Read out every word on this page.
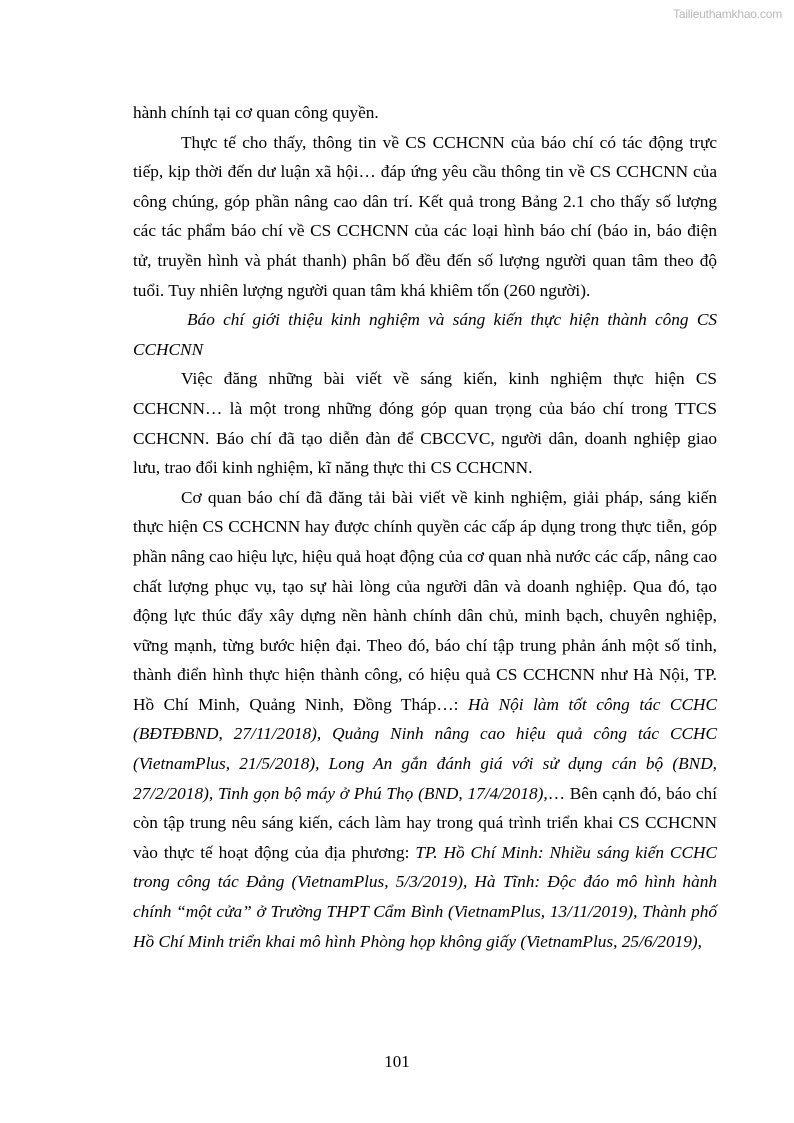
Tailieuthamkhao.com

hành chính tại cơ quan công quyền.

Thực tế cho thấy, thông tin về CS CCHCNN của báo chí có tác động trực tiếp, kịp thời đến dư luận xã hội… đáp ứng yêu cầu thông tin về CS CCHCNN của công chúng, góp phần nâng cao dân trí. Kết quả trong Bảng 2.1 cho thấy số lượng các tác phẩm báo chí về CS CCHCNN của các loại hình báo chí (báo in, báo điện tử, truyền hình và phát thanh) phân bố đều đến số lượng người quan tâm theo độ tuổi. Tuy nhiên lượng người quan tâm khá khiêm tốn (260 người).

Báo chí giới thiệu kinh nghiệm và sáng kiến thực hiện thành công CS CCHCNN

Việc đăng những bài viết về sáng kiến, kinh nghiệm thực hiện CS CCHCNN… là một trong những đóng góp quan trọng của báo chí trong TTCS CCHCNN. Báo chí đã tạo diễn đàn để CBCCVC, người dân, doanh nghiệp giao lưu, trao đổi kinh nghiệm, kĩ năng thực thi CS CCHCNN.

Cơ quan báo chí đã đăng tải bài viết về kinh nghiệm, giải pháp, sáng kiến thực hiện CS CCHCNN hay được chính quyền các cấp áp dụng trong thực tiễn, góp phần nâng cao hiệu lực, hiệu quả hoạt động của cơ quan nhà nước các cấp, nâng cao chất lượng phục vụ, tạo sự hài lòng của người dân và doanh nghiệp. Qua đó, tạo động lực thúc đẩy xây dựng nền hành chính dân chủ, minh bạch, chuyên nghiệp, vững mạnh, từng bước hiện đại. Theo đó, báo chí tập trung phản ánh một số tỉnh, thành điển hình thực hiện thành công, có hiệu quả CS CCHCNN như Hà Nội, TP. Hồ Chí Minh, Quảng Ninh, Đồng Tháp…: Hà Nội làm tốt công tác CCHC (BĐTĐBND, 27/11/2018), Quảng Ninh nâng cao hiệu quả công tác CCHC (VietnamPlus, 21/5/2018), Long An gắn đánh giá với sử dụng cán bộ (BND, 27/2/2018), Tinh gọn bộ máy ở Phú Thọ (BND, 17/4/2018),… Bên cạnh đó, báo chí còn tập trung nêu sáng kiến, cách làm hay trong quá trình triển khai CS CCHCNN vào thực tế hoạt động của địa phương: TP. Hồ Chí Minh: Nhiều sáng kiến CCHC trong công tác Đảng (VietnamPlus, 5/3/2019), Hà Tĩnh: Độc đáo mô hình hành chính “một cửa” ở Trường THPT Cẩm Bình (VietnamPlus, 13/11/2019), Thành phố Hồ Chí Minh triển khai mô hình Phòng họp không giấy (VietnamPlus, 25/6/2019),

101
